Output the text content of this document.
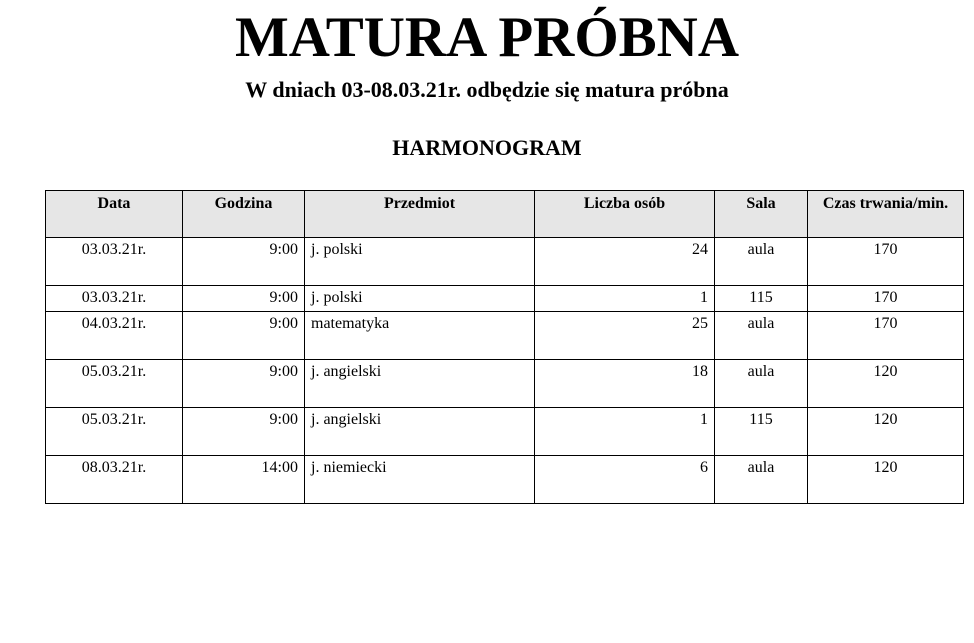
MATURA PRÓBNA
W dniach 03-08.03.21r. odbędzie się matura próbna
HARMONOGRAM
Data	Godzina	Przedmiot	Liczba osób	Sala	Czas trwania/min.
03.03.21r.	9:00	j. polski	24	aula	170
03.03.21r.	9:00	j. polski	1	115	170
04.03.21r.	9:00	matematyka	25	aula	170
05.03.21r.	9:00	j. angielski	18	aula	120
05.03.21r.	9:00	j. angielski	1	115	120
08.03.21r.	14:00	j. niemiecki	6	aula	120
